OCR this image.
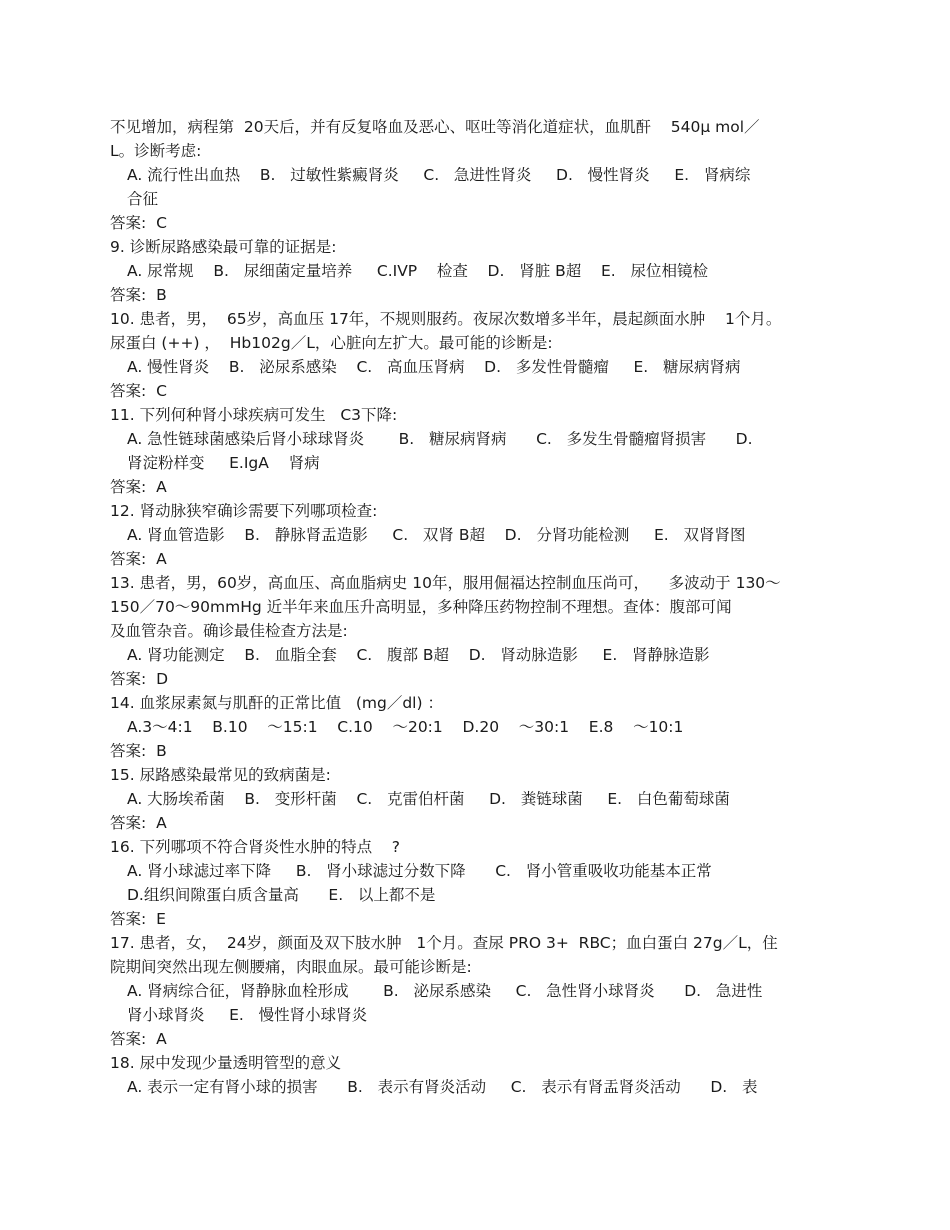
不见增加，病程第  20天后，并有反复咯血及恶心、呕吐等消化道症状，血肌酐    540μ mol／
L。诊断考虑:
A. 流行性出血热    B.   过敏性紫癜肾炎     C.   急进性肾炎     D.   慢性肾炎     E.   肾病综
合征
答案:  C
9. 诊断尿路感染最可靠的证据是:
A. 尿常规    B.   尿细菌定量培养     C.IVP    检查    D.   肾脏 B超    E.   尿位相镜检
答案:  B
10. 患者，男，  65岁，高血压 17年，不规则服药。夜尿次数增多半年，晨起颜面水肿    1个月。
尿蛋白 (++) ，  Hb102g／L，心脏向左扩大。最可能的诊断是:
A. 慢性肾炎    B.   泌尿系感染    C.   高血压肾病    D.   多发性骨髓瘤     E.   糖尿病肾病
答案:  C
11. 下列何种肾小球疾病可发生   C3下降:
A. 急性链球菌感染后肾小球球肾炎       B.   糖尿病肾病      C.   多发生骨髓瘤肾损害      D.
肾淀粉样变     E.IgA    肾病
答案:  A
12. 肾动脉狭窄确诊需要下列哪项检查:
A. 肾血管造影    B.   静脉肾盂造影     C.   双肾 B超    D.   分肾功能检测     E.   双肾肾图
答案:  A
13. 患者，男，60岁，高血压、高血脂病史 10年，服用倔福达控制血压尚可，    多波动于 130～
150／70～90mmHg 近半年来血压升高明显，多种降压药物控制不理想。查体：腹部可闻
及血管杂音。确诊最佳检查方法是:
A. 肾功能测定    B.   血脂全套    C.   腹部 B超    D.   肾动脉造影     E.   肾静脉造影
答案:  D
14. 血浆尿素氮与肌酐的正常比值   (mg／dl) ：
A.3～4:1    B.10    ～15:1    C.10    ～20:1    D.20    ～30:1    E.8    ～10:1
答案:  B
15. 尿路感染最常见的致病菌是:
A. 大肠埃希菌    B.   变形杆菌    C.   克雷伯杆菌     D.   粪链球菌     E.   白色葡萄球菌
答案:  A
16. 下列哪项不符合肾炎性水肿的特点    ?
A. 肾小球滤过率下降     B.   肾小球滤过分数下降      C.   肾小管重吸收功能基本正常
D.组织间隙蛋白质含量高      E.   以上都不是
答案:  E
17. 患者，女，  24岁，颜面及双下肢水肿   1个月。查尿 PRO 3+  RBC；血白蛋白 27g／L，住
院期间突然出现左侧腰痛，肉眼血尿。最可能诊断是:
A. 肾病综合征，肾静脉血栓形成       B.   泌尿系感染     C.   急性肾小球肾炎      D.   急进性
肾小球肾炎     E.   慢性肾小球肾炎
答案:  A
18. 尿中发现少量透明管型的意义
A. 表示一定有肾小球的损害      B.   表示有肾炎活动     C.   表示有肾盂肾炎活动      D.   表
